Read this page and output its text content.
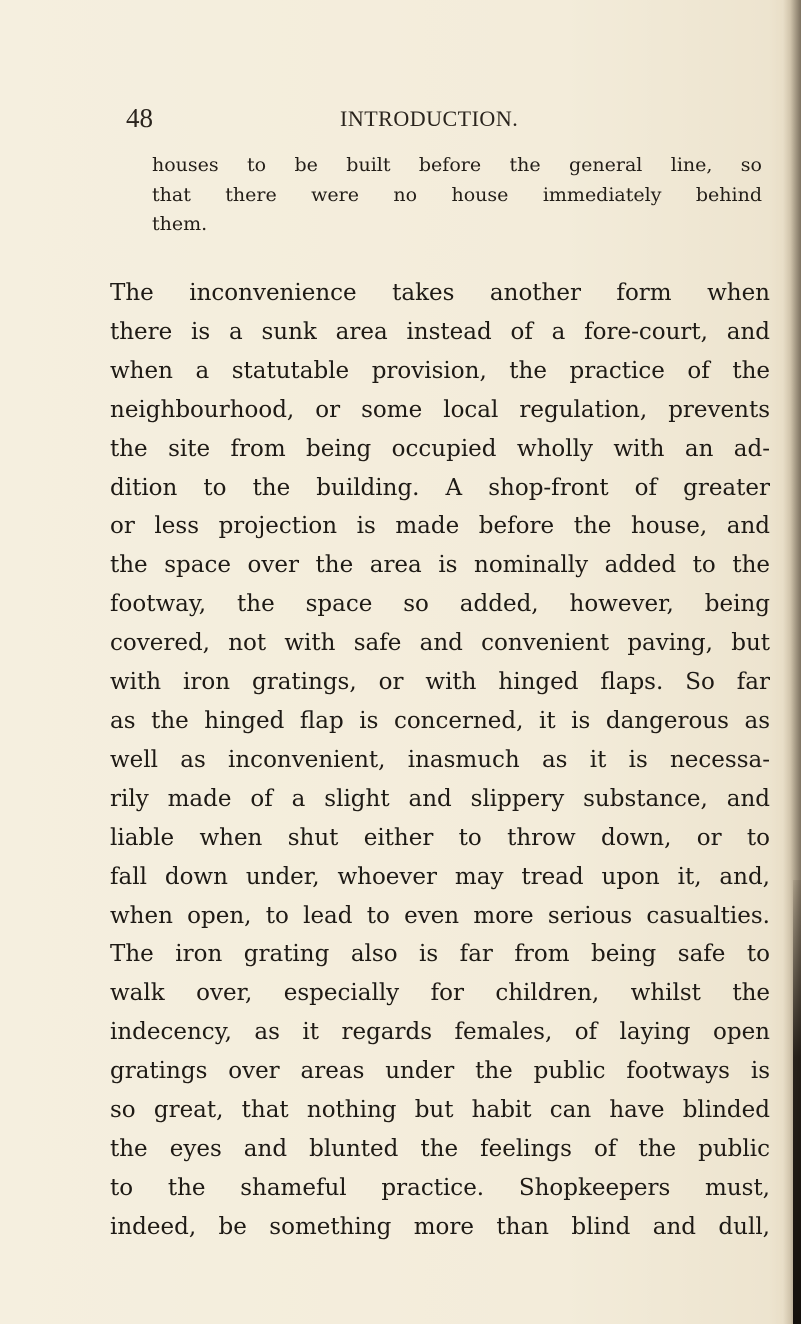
48	INTRODUCTION.
houses to be built before the general line, so
that there were no house immediately behind
them.
The inconvenience takes another form when
there is a sunk area instead of a fore-court, and
when a statutable provision, the practice of the
neighbourhood, or some local regulation, prevents
the site from being occupied wholly with an ad-
dition to the building. A shop-front of greater
or less projection is made before the house, and
the space over the area is nominally added to the
footway, the space so added, however, being
covered, not with safe and convenient paving, but
with iron gratings, or with hinged flaps. So far
as the hinged flap is concerned, it is dangerous as
well as inconvenient, inasmuch as it is necessa-
rily made of a slight and slippery substance, and
liable when shut either to throw down, or to
fall down under, whoever may tread upon it, and,
when open, to lead to even more serious casualties.
The iron grating also is far from being safe to
walk over, especially for children, whilst the
indecency, as it regards females, of laying open
gratings over areas under the public footways is
so great, that nothing but habit can have blinded
the eyes and blunted the feelings of the public
to the shameful practice. Shopkeepers must,
indeed, be something more than blind and dull,
